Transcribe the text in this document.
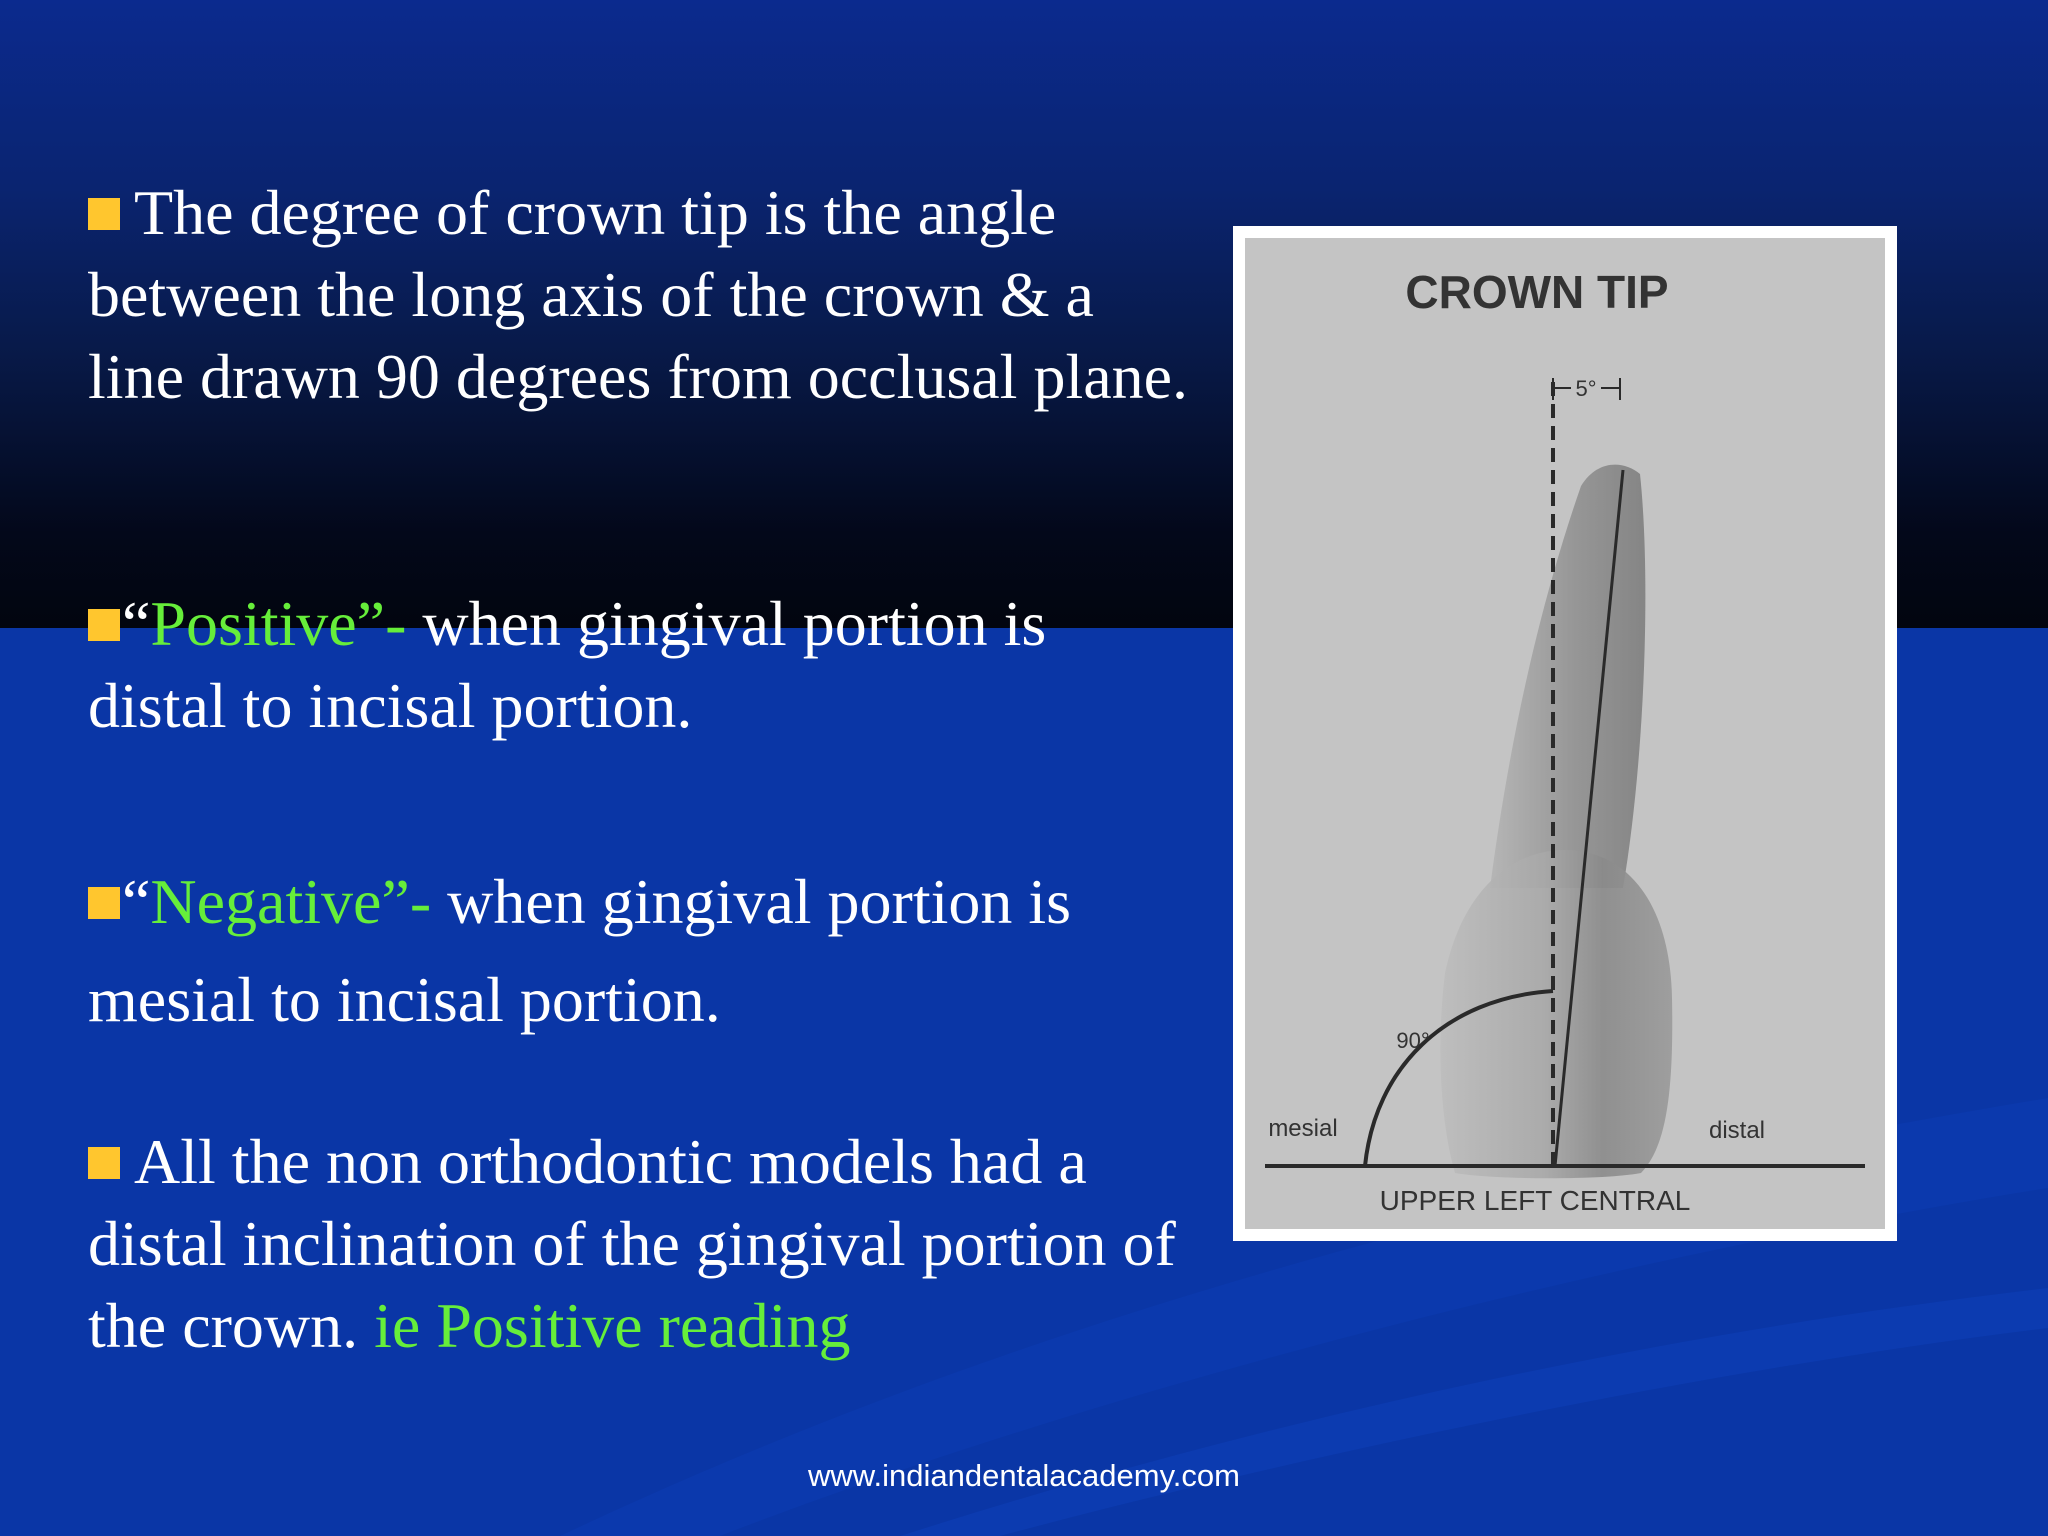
The degree of crown tip is the angle between the long axis of the crown & a line drawn 90 degrees from occlusal plane.
“Positive”- when gingival portion is distal to incisal portion.
“Negative”- when gingival portion is
mesial to incisal portion.
All the non orthodontic models had a distal inclination of the gingival portion of the crown. ie Positive reading
CROWN TIP
5°
90°
mesial	distal
UPPER LEFT CENTRAL
www.indiandentalacademy.com
